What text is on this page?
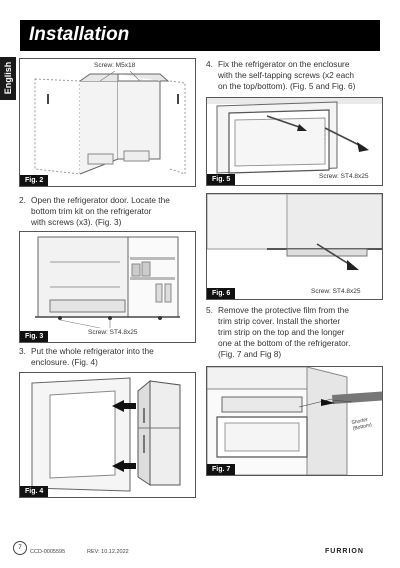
Installation
English	Screw: M5x18
Fig. 2
2. Open the refrigerator door. Locate the
bottom trim kit on the refrigerator
with screws (x3). (Fig. 3)
Screw: ST4.8x25
Fig. 3
3. Put the whole refrigerator into the
enclosure. (Fig. 4)
Fig. 4
4. Fix the refrigerator on the enclosure
with the self-tapping screws (x2 each
on the top/bottom). (Fig. 5 and Fig. 6)
Screw: ST4.8x25
Fig. 5
Screw: ST4.8x25
Fig. 6
5. Remove the protective film from the
trim strip cover. Install the shorter
trim strip on the top and the longer
one at the bottom of the refrigerator.
(Fig. 7 and Fig 8)
Shorter (Bottom)
Fig. 7
7
CCD-0005595	REV: 10.12.2022	FURRION
